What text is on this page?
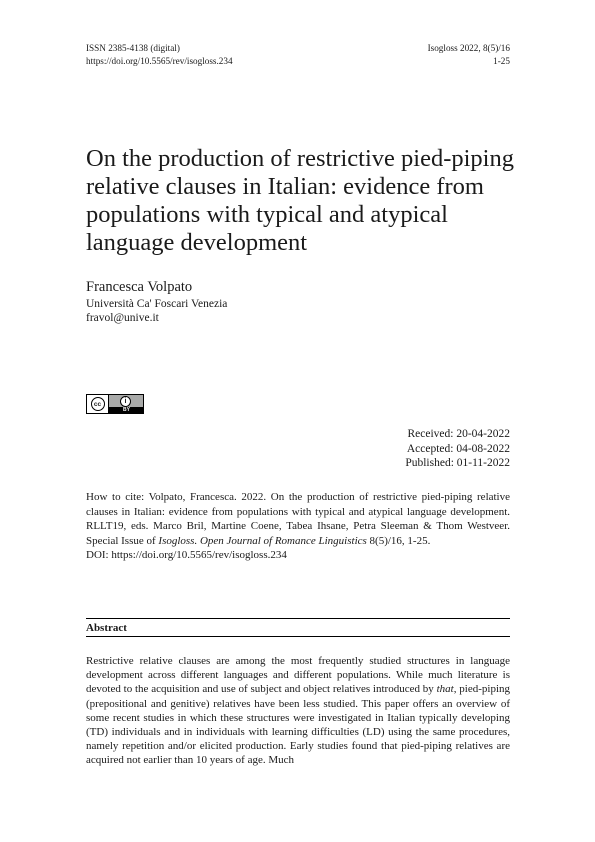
ISSN 2385-4138 (digital)
https://doi.org/10.5565/rev/isogloss.234
Isogloss 2022, 8(5)/16
1-25
On the production of restrictive pied-piping
relative clauses in Italian: evidence from
populations with typical and atypical
language development
Francesca Volpato
Università Ca' Foscari Venezia
fravol@unive.it
cc	i
BY
Received: 20-04-2022
Accepted: 04-08-2022
Published: 01-11-2022
How to cite: Volpato, Francesca. 2022. On the production of restrictive pied-piping relative clauses in Italian: evidence from populations with typical and atypical language development. RLLT19, eds. Marco Bril, Martine Coene, Tabea Ihsane, Petra Sleeman & Thom Westveer. Special Issue of Isogloss. Open Journal of Romance Linguistics 8(5)/16, 1-25.
DOI: https://doi.org/10.5565/rev/isogloss.234
Abstract

Restrictive relative clauses are among the most frequently studied structures in language development across different languages and different populations. While much literature is devoted to the acquisition and use of subject and object relatives introduced by that, pied-piping (prepositional and genitive) relatives have been less studied. This paper offers an overview of some recent studies in which these structures were investigated in Italian typically developing (TD) individuals and in individuals with learning difficulties (LD) using the same procedures, namely repetition and/or elicited production. Early studies found that pied-piping relatives are acquired not earlier than 10 years of age. Much
